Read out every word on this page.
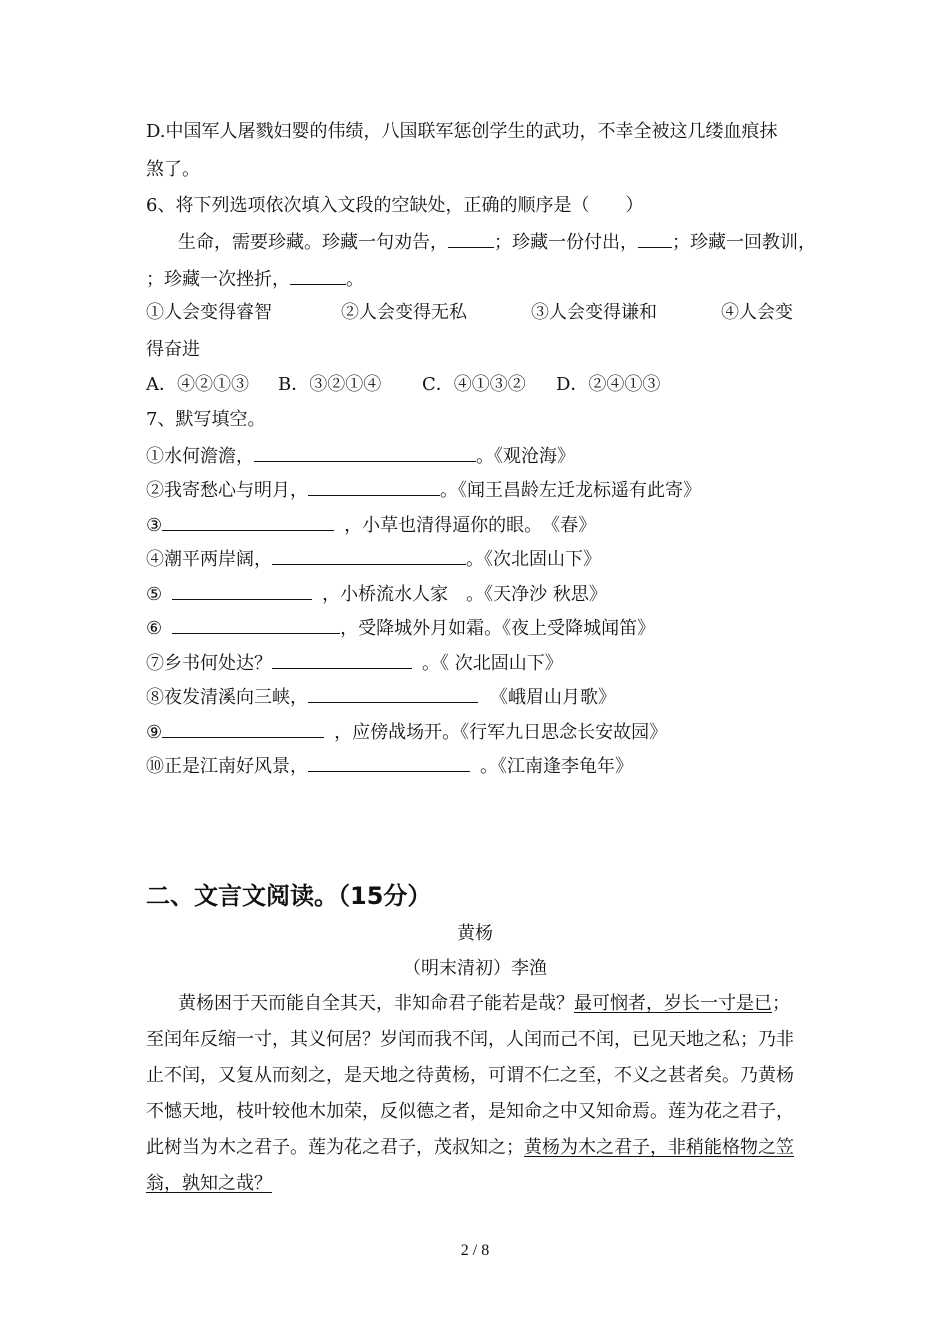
D.中国军人屠戮妇婴的伟绩，八国联军惩创学生的武功，不幸全被这几缕血痕抹
煞了。
6、将下列选项依次填入文段的空缺处，正确的顺序是（　　）
生命，需要珍藏。珍藏一句劝告，	；珍藏一份付出， ；珍藏一回教训，
；珍藏一次挫折，	。
①人会变得睿智	②人会变得无私	③人会变得谦和	④人会变
得奋进
A．④②①③ B．③②①④ C．④①③② D．②④①③
7、默写填空。
①水何澹澹，	。《观沧海》
②我寄愁心与明月，	。《闻王昌龄左迁龙标遥有此寄》
③	，小草也清得逼你的眼。　《春》
④潮平两岸阔，	。《次北固山下》
⑤	，小桥流水人家　。《天净沙 秋思》
⑥	，受降城外月如霜。《夜上受降城闻笛》
⑦乡书何处达？	。《 次北固山下》
⑧夜发清溪向三峡，	《峨眉山月歌》
⑨	，应傍战场开。《行军九日思念长安故园》
⑩正是江南好风景，	。《江南逢李龟年》
二、文言文阅读。（15分）
黄杨
（明末清初）李渔
黄杨困于天而能自全其天，非知命君子能若是哉？最可悯者，岁长一寸是已；
至闰年反缩一寸，其义何居？岁闰而我不闰，人闰而己不闰，已见天地之私；乃非
止不闰，又复从而刻之，是天地之待黄杨，可谓不仁之至，不义之甚者矣。乃黄杨
不憾天地，枝叶较他木加荣，反似德之者，是知命之中又知命焉。莲为花之君子，
此树当为木之君子。莲为花之君子，茂叔知之；黄杨为木之君子，非稍能格物之笠
翁，孰知之哉？
2 / 8
